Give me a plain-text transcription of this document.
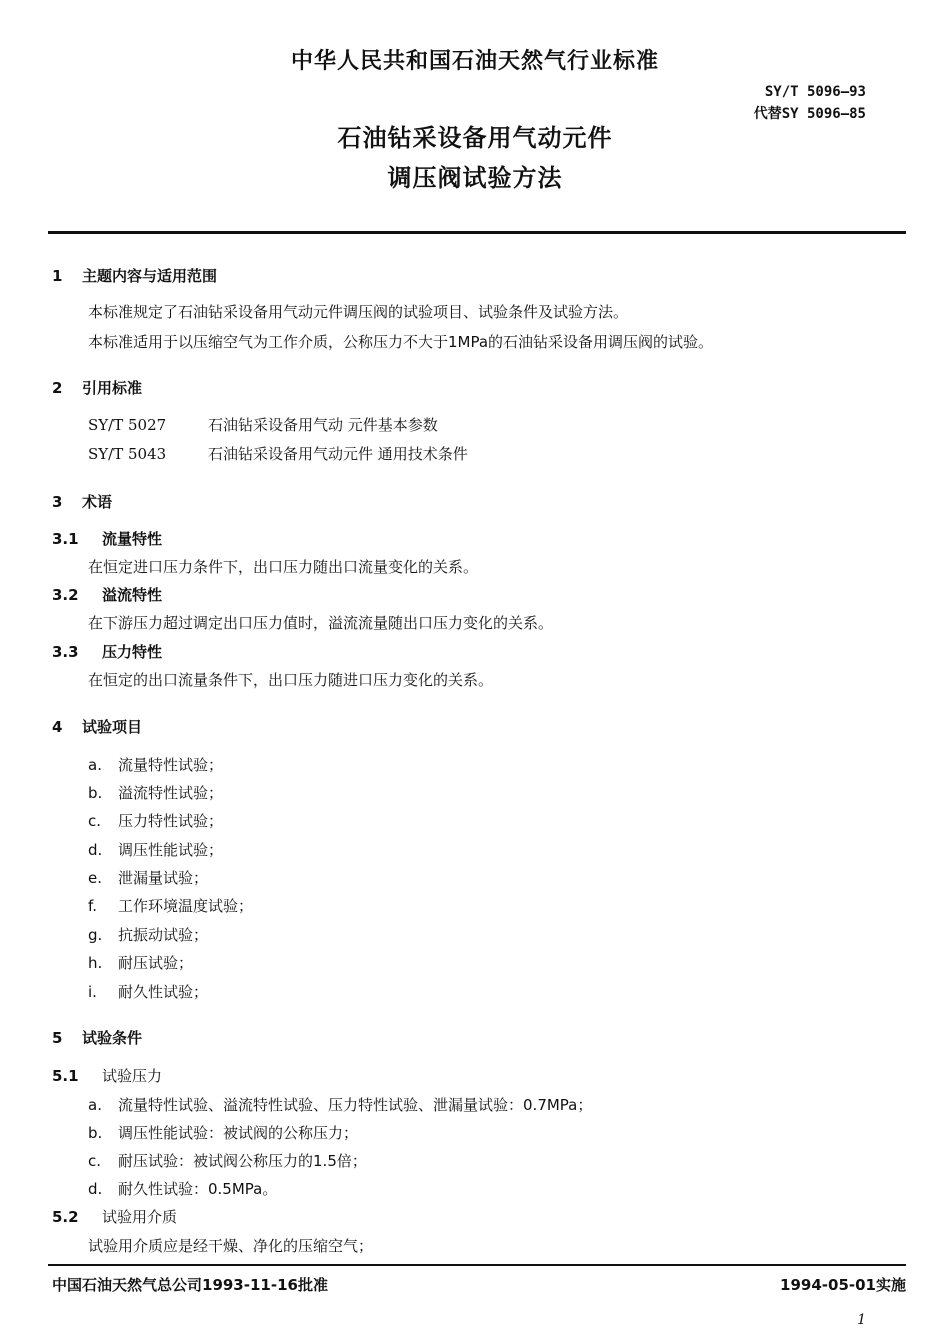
中华人民共和国石油天然气行业标准
SY/T 5096—93
代替SY 5096—85
石油钻采设备用气动元件
调压阀试验方法
1 主题内容与适用范围
本标准规定了石油钻采设备用气动元件调压阀的试验项目、试验条件及试验方法。
本标准适用于以压缩空气为工作介质，公称压力不大于1MPa的石油钻采设备用调压阀的试验。
2 引用标准
SY/T 5027	石油钻采设备用气动 元件基本参数
SY/T 5043	石油钻采设备用气动元件 通用技术条件
3 术语
3.1 流量特性
在恒定进口压力条件下，出口压力随出口流量变化的关系。
3.2 溢流特性
在下游压力超过调定出口压力值时，溢流流量随出口压力变化的关系。
3.3 压力特性
在恒定的出口流量条件下，出口压力随进口压力变化的关系。
4 试验项目
a. 流量特性试验；
b. 溢流特性试验；
c. 压力特性试验；
d. 调压性能试验；
e. 泄漏量试验；
f. 工作环境温度试验；
g. 抗振动试验；
h. 耐压试验；
i. 耐久性试验；
5 试验条件
5.1 试验压力
a. 流量特性试验、溢流特性试验、压力特性试验、泄漏量试验：0.7MPa；
b. 调压性能试验：被试阀的公称压力；
c. 耐压试验：被试阀公称压力的1.5倍；
d. 耐久性试验：0.5MPa。
5.2 试验用介质
试验用介质应是经干燥、净化的压缩空气；
中国石油天然气总公司1993-11-16批准	1994-05-01实施
1
